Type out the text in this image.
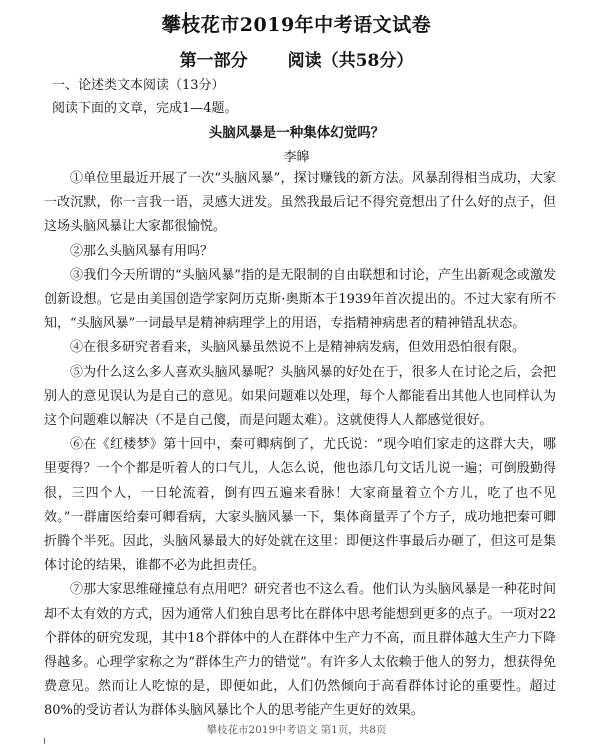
攀枝花市2019年中考语文试卷
第一部分 阅读（共58分）
一、论述类文本阅读（13分）
阅读下面的文章，完成1—4题。
头脑风暴是一种集体幻觉吗？
李皞

①单位里最近开展了一次“头脑风暴”，探讨赚钱的新方法。风暴刮得相当成功，大家一改沉默，你一言我一语，灵感大迸发。虽然我最后记不得究竟想出了什么好的点子，但这场头脑风暴让大家都很愉悦。

②那么头脑风暴有用吗？

③我们今天所谓的“头脑风暴”指的是无限制的自由联想和讨论，产生出新观念或激发创新设想。它是由美国创造学家阿历克斯·奥斯本于1939年首次提出的。不过大家有所不知，“头脑风暴”一词最早是精神病理学上的用语，专指精神病患者的精神错乱状态。

④在很多研究者看来，头脑风暴虽然说不上是精神病发病，但效用恐怕很有限。

⑤为什么这么多人喜欢头脑风暴呢？头脑风暴的好处在于，很多人在讨论之后，会把别人的意见误认为是自己的意见。如果问题难以处理，每个人都能看出其他人也同样认为这个问题难以解决（不是自己傻，而是问题太难）。这就使得人人都感觉很好。

⑥在《红楼梦》第十回中，秦可卿病倒了，尤氏说：“现今咱们家走的这群大夫，哪里要得？一个个都是听着人的口气儿，人怎么说，他也添几句文话儿说一遍；可倒殷勤得很，三四个人，一日轮流着，倒有四五遍来看脉！大家商量着立个方儿，吃了也不见效。”一群庸医给秦可卿看病，大家头脑风暴一下，集体商量弄了个方子，成功地把秦可卿折腾个半死。因此，头脑风暴最大的好处就在这里：即便这件事最后办砸了，但这可是集体讨论的结果，谁都不必为此担责任。

⑦那大家思维碰撞总有点用吧？研究者也不这么看。他们认为头脑风暴是一种花时间却不太有效的方式，因为通常人们独自思考比在群体中思考能想到更多的点子。一项对22个群体的研究发现，其中18个群体中的人在群体中生产力不高，而且群体越大生产力下降得越多。心理学家称之为“群体生产力的错觉”。有许多人太依赖于他人的努力，想获得免费意见。然而让人吃惊的是，即便如此，人们仍然倾向于高看群体讨论的重要性。超过80%的受访者认为群体头脑风暴比个人的思考能产生更好的效果。

攀枝花市2019中考语文 第1页，共8页
